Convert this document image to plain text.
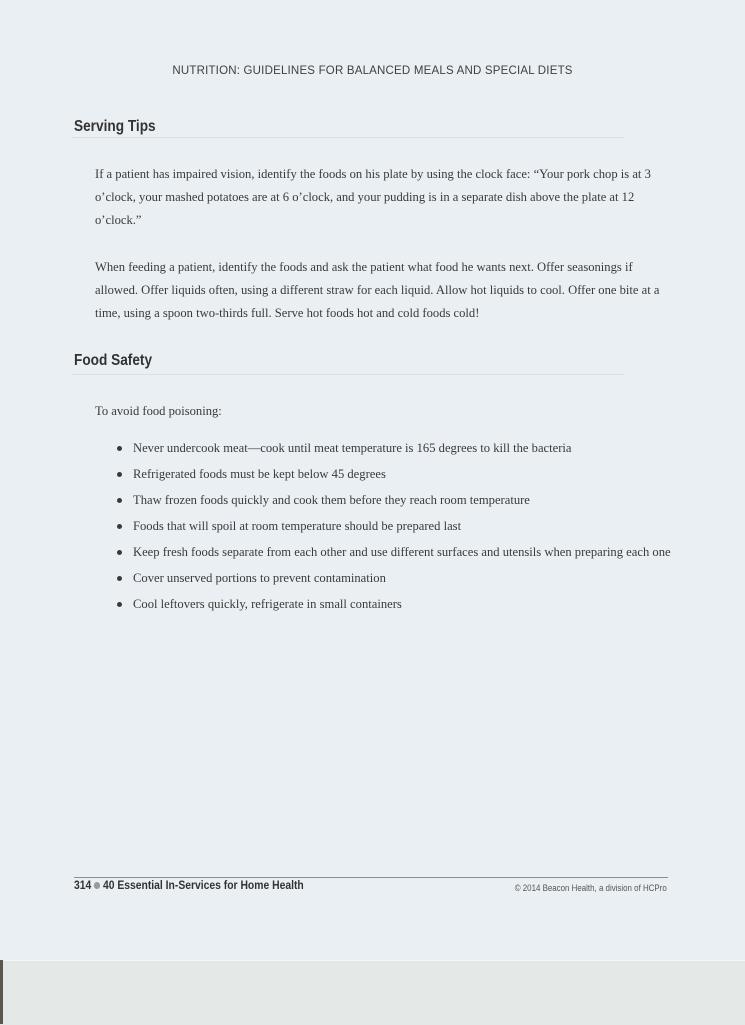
NUTRITION: GUIDELINES FOR BALANCED MEALS AND SPECIAL DIETS
Serving Tips
If a patient has impaired vision, identify the foods on his plate by using the clock face: “Your pork chop is at 3 o’clock, your mashed potatoes are at 6 o’clock, and your pudding is in a separate dish above the plate at 12 o’clock.”
When feeding a patient, identify the foods and ask the patient what food he wants next. Offer seasonings if allowed. Offer liquids often, using a different straw for each liquid. Allow hot liquids to cool. Offer one bite at a time, using a spoon two-thirds full. Serve hot foods hot and cold foods cold!
Food Safety
To avoid food poisoning:
Never undercook meat—cook until meat temperature is 165 degrees to kill the bacteria
Refrigerated foods must be kept below 45 degrees
Thaw frozen foods quickly and cook them before they reach room temperature
Foods that will spoil at room temperature should be prepared last
Keep fresh foods separate from each other and use different surfaces and utensils when preparing each one
Cover unserved portions to prevent contamination
Cool leftovers quickly, refrigerate in small containers
314 40 Essential In-Services for Home Health	© 2014 Beacon Health, a division of HCPro
